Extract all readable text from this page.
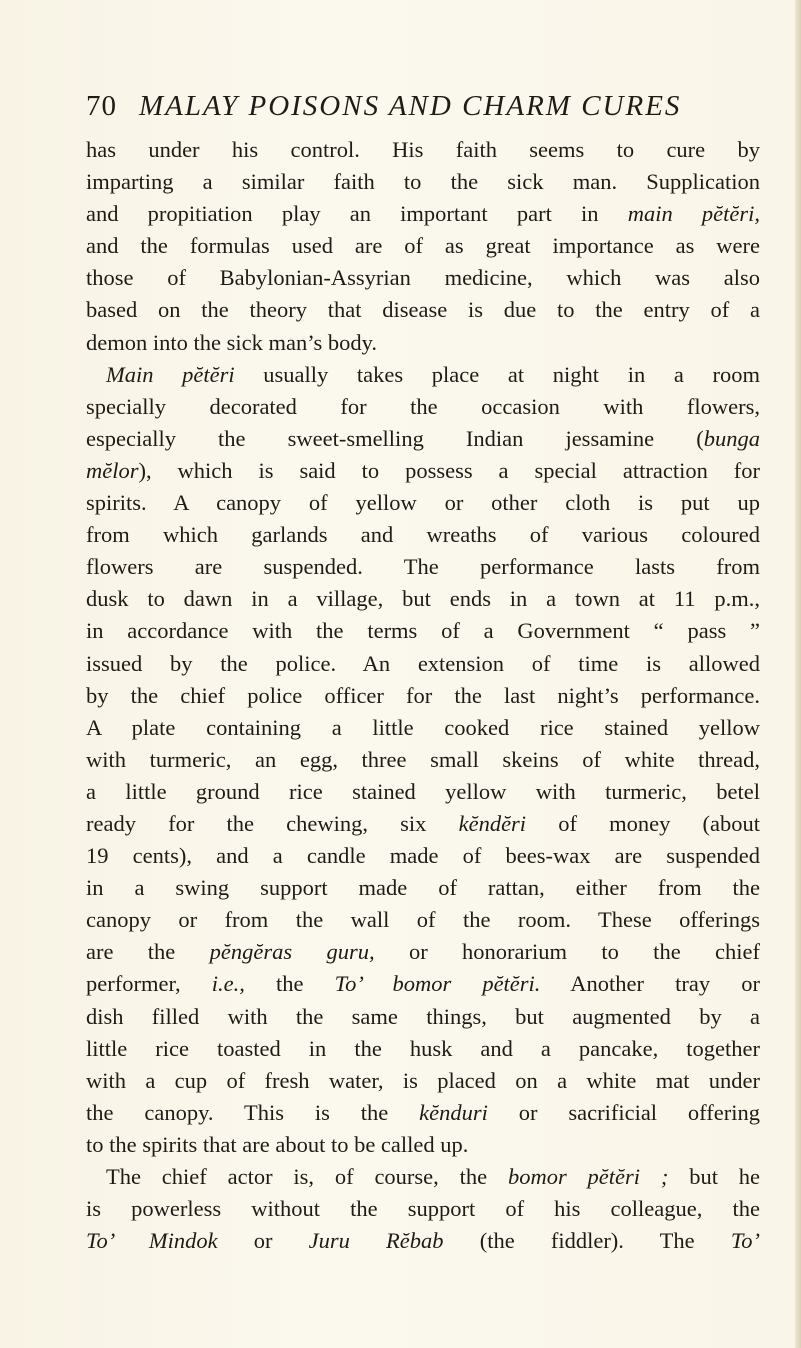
70 MALAY POISONS AND CHARM CURES
has under his control. His faith seems to cure by
imparting a similar faith to the sick man. Supplication
and propitiation play an important part in main pĕtĕri,
and the formulas used are of as great importance as were
those of Babylonian-Assyrian medicine, which was also
based on the theory that disease is due to the entry of a
demon into the sick man’s body.
Main pĕtĕri usually takes place at night in a room
specially decorated for the occasion with flowers,
especially the sweet-smelling Indian jessamine (bunga
mĕlor), which is said to possess a special attraction for
spirits. A canopy of yellow or other cloth is put up
from which garlands and wreaths of various coloured
flowers are suspended. The performance lasts from
dusk to dawn in a village, but ends in a town at 11 p.m.,
in accordance with the terms of a Government “ pass ”
issued by the police. An extension of time is allowed
by the chief police officer for the last night’s performance.
A plate containing a little cooked rice stained yellow
with turmeric, an egg, three small skeins of white thread,
a little ground rice stained yellow with turmeric, betel
ready for the chewing, six kĕndĕri of money (about
19 cents), and a candle made of bees-wax are suspended
in a swing support made of rattan, either from the
canopy or from the wall of the room. These offerings
are the pĕngĕras guru, or honorarium to the chief
performer, i.e., the To’ bomor pĕtĕri. Another tray or
dish filled with the same things, but augmented by a
little rice toasted in the husk and a pancake, together
with a cup of fresh water, is placed on a white mat under
the canopy. This is the kĕnduri or sacrificial offering
to the spirits that are about to be called up.
The chief actor is, of course, the bomor pĕtĕri ; but he
is powerless without the support of his colleague, the
To’ Mindok or Juru Rĕbab (the fiddler). The To’
